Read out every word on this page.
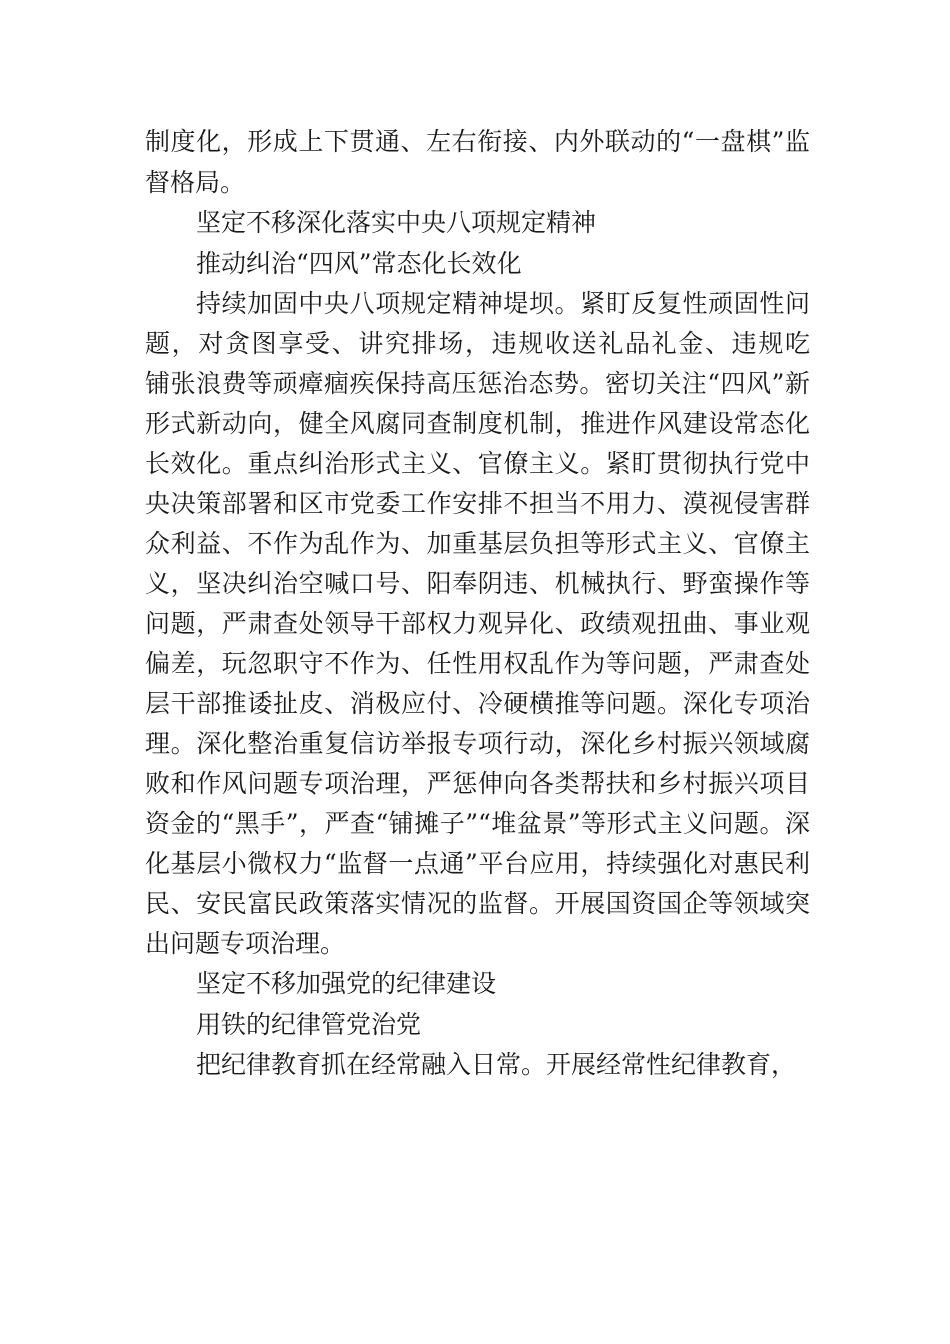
制度化，形成上下贯通、左右衔接、内外联动的“一盘棋”监
督格局。
坚定不移深化落实中央八项规定精神
推动纠治“四风”常态化长效化
持续加固中央八项规定精神堤坝。紧盯反复性顽固性问
题，对贪图享受、讲究排场，违规收送礼品礼金、违规吃
铺张浪费等顽瘴痼疾保持高压惩治态势。密切关注“四风”新
形式新动向，健全风腐同查制度机制，推进作风建设常态化
长效化。重点纠治形式主义、官僚主义。紧盯贯彻执行党中
央决策部署和区市党委工作安排不担当不用力、漠视侵害群
众利益、不作为乱作为、加重基层负担等形式主义、官僚主
义，坚决纠治空喊口号、阳奉阴违、机械执行、野蛮操作等
问题，严肃查处领导干部权力观异化、政绩观扭曲、事业观
偏差，玩忽职守不作为、任性用权乱作为等问题，严肃查处
层干部推诿扯皮、消极应付、冷硬横推等问题。深化专项治
理。深化整治重复信访举报专项行动，深化乡村振兴领域腐
败和作风问题专项治理，严惩伸向各类帮扶和乡村振兴项目
资金的“黑手”，严查“铺摊子”“堆盆景”等形式主义问题。深
化基层小微权力“监督一点通”平台应用，持续强化对惠民利
民、安民富民政策落实情况的监督。开展国资国企等领域突
出问题专项治理。
坚定不移加强党的纪律建设
用铁的纪律管党治党
把纪律教育抓在经常融入日常。开展经常性纪律教育，
